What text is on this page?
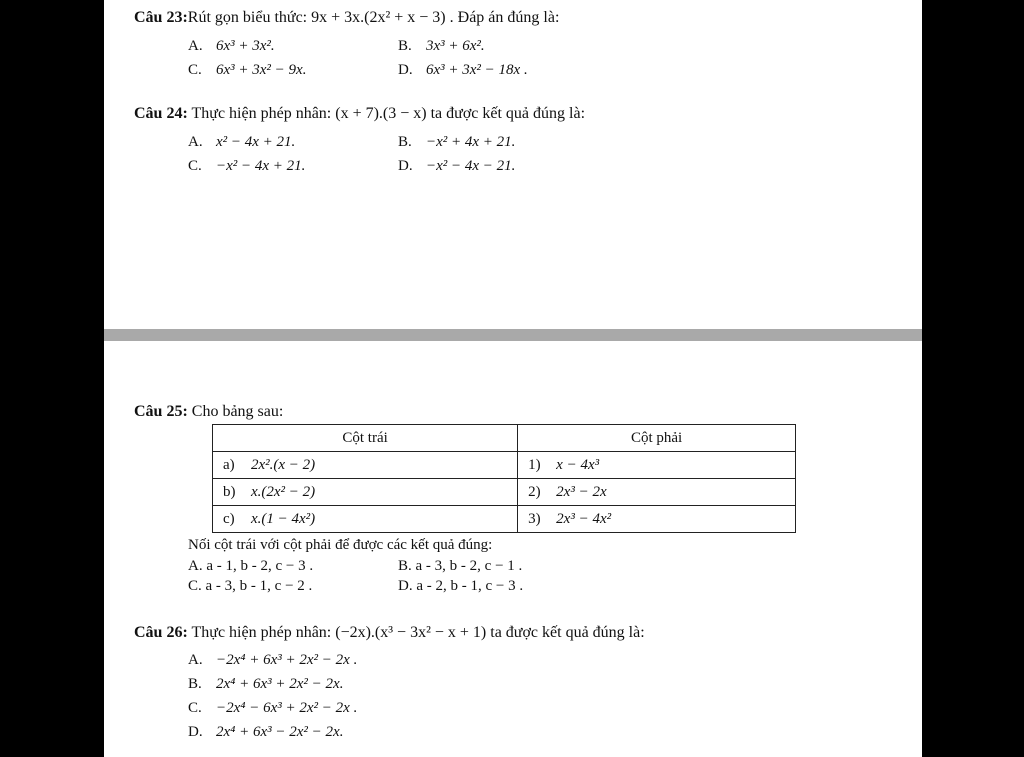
Câu 23:Rút gọn biểu thức: 9x + 3x.(2x² + x − 3) . Đáp án đúng là:
A. 6x³ + 3x².	B. 3x³ + 6x².
C. 6x³ + 3x² − 9x.	D. 6x³ + 3x² − 18x .
Câu 24: Thực hiện phép nhân: (x + 7).(3 − x) ta được kết quả đúng là:
A. x² − 4x + 21.	B. −x² + 4x + 21.
C. −x² − 4x + 21.	D. −x² − 4x − 21.
Câu 25: Cho bảng sau:
Cột trái	Cột phải
a) 2x².(x − 2)	1) x − 4x³
b) x.(2x² − 2)	2) 2x³ − 2x
c) x.(1 − 4x²)	3) 2x³ − 4x²
Nối cột trái với cột phải để được các kết quả đúng:
A. a - 1, b - 2, c − 3 .	B. a - 3, b - 2, c − 1 .
C. a - 3, b - 1, c − 2 .	D. a - 2, b - 1, c − 3 .
Câu 26: Thực hiện phép nhân: (−2x).(x³ − 3x² − x + 1) ta được kết quả đúng là:
A. −2x⁴ + 6x³ + 2x² − 2x .
B. 2x⁴ + 6x³ + 2x² − 2x.
C. −2x⁴ − 6x³ + 2x² − 2x .
D. 2x⁴ + 6x³ − 2x² − 2x.
